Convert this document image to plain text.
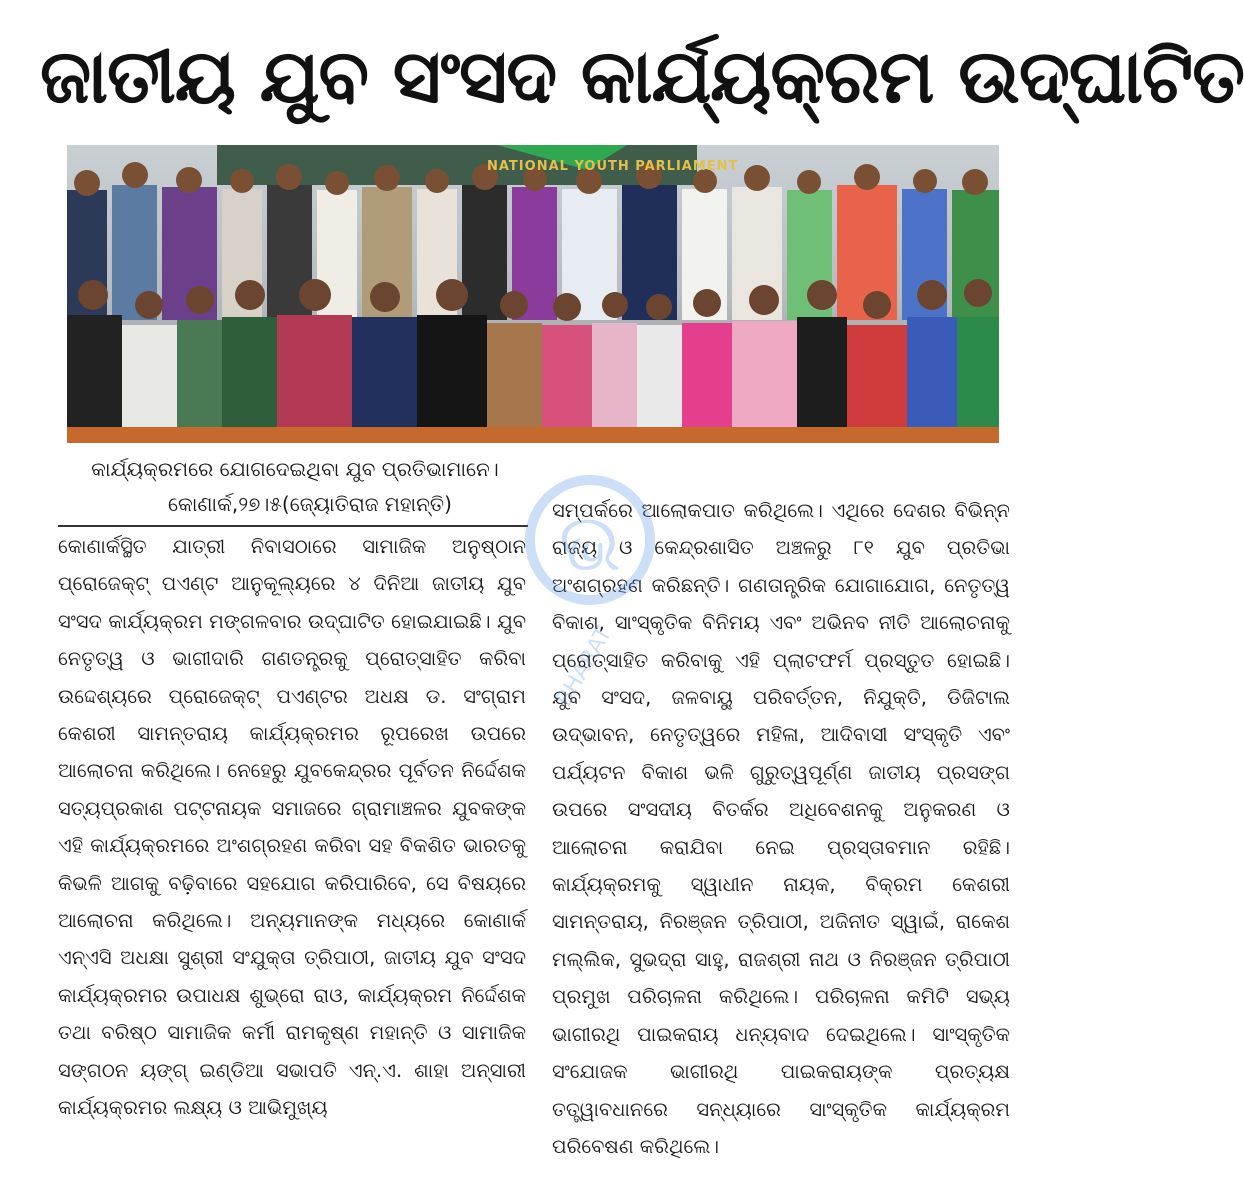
ଜାତୀୟ ଯୁବ ସଂସଦ କାର୍ଯ୍ୟକ୍ରମ ଉଦ୍‌ଘାଟିତ
NATIONAL YOUTH PARLIAMENT
କାର୍ଯ୍ୟକ୍ରମରେ ଯୋଗଦେଇଥିବା ଯୁବ ପ୍ରତିଭାମାନେ।
କୋଣାର୍କ,୨୭।୫(ଜ୍ୟୋତିରାଜ ମହାନ୍ତି)
କୋଣାର୍କସ୍ଥିତ ଯାତ୍ରୀ ନିବାସଠାରେ ସାମାଜିକ ଅନୁଷ୍ଠାନ ପ୍ରୋଜେକ୍ଟ୍ ପଏଣ୍ଟ ଆନୁକୂଲ୍ୟରେ ୪ ଦିନିଆ ଜାତୀୟ ଯୁବ ସଂସଦ କାର୍ଯ୍ୟକ୍ରମ ମଙ୍ଗଳବାର ଉଦ୍‌ଘାଟିତ ହୋଇଯାଇଛି। ଯୁବ ନେତୃତ୍ୱ ଓ ଭାଗୀଦାରି ଗଣତନ୍ତ୍ରକୁ ପ୍ରୋତ୍ସାହିତ କରିବା ଉଦ୍ଦେଶ୍ୟରେ ପ୍ରୋଜେକ୍ଟ୍ ପଏଣ୍ଟର ଅଧକ୍ଷ ଡ. ସଂଗ୍ରାମ କେଶରୀ ସାମନ୍ତରାୟ କାର୍ଯ୍ୟକ୍ରମର ରୂପରେଖ ଉପରେ ଆଲୋଚନା କରିଥିଲେ। ନେହେରୁ ଯୁବକେନ୍ଦ୍ରର ପୂର୍ବତନ ନିର୍ଦ୍ଦେଶକ ସତ୍ୟପ୍ରକାଶ ପଟ୍ଟନାୟକ ସମାଜରେ ଗ୍ରାମାଞ୍ଚଳର ଯୁବକଙ୍କ ଏହି କାର୍ଯ୍ୟକ୍ରମରେ ଅଂଶଗ୍ରହଣ କରିବା ସହ ବିକଶିତ ଭାରତକୁ କିଭଳି ଆଗକୁ ବଢ଼ିବାରେ ସହଯୋଗ କରିପାରିବେ, ସେ ବିଷୟରେ ଆଲୋଚନା କରିଥିଲେ। ଅନ୍ୟମାନଙ୍କ ମଧ୍ୟରେ କୋଣାର୍କ ଏନ୍‌ଏସି ଅଧକ୍ଷା ସୁଶ୍ରୀ ସଂଯୁକ୍ତା ତ୍ରିପାଠୀ, ଜାତୀୟ ଯୁବ ସଂସଦ କାର୍ଯ୍ୟକ୍ରମର ଉପାଧକ୍ଷ ଶୁଭ୍ରୋ ରାଓ, କାର୍ଯ୍ୟକ୍ରମ ନିର୍ଦ୍ଦେଶକ ତଥା ବରିଷ୍ଠ ସାମାଜିକ କର୍ମୀ ରାମକୃଷ୍ଣ ମହାନ୍ତି ଓ ସାମାଜିକ ସଙ୍ଗଠନ ୟଙ୍ଗ୍ ଇଣ୍ଡିଆ ସଭାପତି ଏନ୍.ଏ. ଶାହା ଅନ୍ସାରୀ କାର୍ଯ୍ୟକ୍ରମର ଲକ୍ଷ୍ୟ ଓ ଆଭିମୁଖ୍ୟ
ସମ୍ପର୍କରେ ଆଲୋକପାତ କରିଥିଲେ। ଏଥିରେ ଦେଶର ବିଭିନ୍ନ ରାଜ୍ୟ ଓ କେନ୍ଦ୍ରଶାସିତ ଅଞ୍ଚଳରୁ ୮୧ ଯୁବ ପ୍ରତିଭା ଅଂଶଗ୍ରହଣ କରିଛନ୍ତି। ଗଣତାନ୍ତ୍ରିକ ଯୋଗାଯୋଗ, ନେତୃତ୍ୱ ବିକାଶ, ସାଂସ୍କୃତିକ ବିନିମୟ ଏବଂ ଅଭିନବ ନୀତି ଆଲୋଚନାକୁ ପ୍ରୋତ୍ସାହିତ କରିବାକୁ ଏହି ପ୍ଲାଟଫର୍ମ ପ୍ରସ୍ତୁତ ହୋଇଛି। ଯୁବ ସଂସଦ, ଜଳବାୟୁ ପରିବର୍ତ୍ତନ, ନିଯୁକ୍ତି, ଡିଜିଟାଲ ଉଦ୍ଭାବନ, ନେତୃତ୍ୱରେ ମହିଳା, ଆଦିବାସୀ ସଂସ୍କୃତି ଏବଂ ପର୍ଯ୍ୟଟନ ବିକାଶ ଭଳି ଗୁରୁତ୍ୱପୂର୍ଣ୍ଣ ଜାତୀୟ ପ୍ରସଙ୍ଗ ଉପରେ ସଂସଦୀୟ ବିତର୍କର ଅଧିବେଶନକୁ ଅନୁକରଣ ଓ ଆଲୋଚନା କରାଯିବା ନେଇ ପ୍ରସ୍ତାବମାନ ରହିଛି। କାର୍ଯ୍ୟକ୍ରମକୁ ସ୍ୱାଧୀନ ନାୟକ, ବିକ୍ରମ କେଶରୀ ସାମନ୍ତରାୟ, ନିରଞ୍ଜନ ତ୍ରିପାଠୀ, ଅଜିନୀତ ସ୍ୱାଇଁ, ରାକେଶ ମଲ୍ଲିକ, ସୁଭଦ୍ରା ସାହୁ, ରାଜଶ୍ରୀ ନାଥ ଓ ନିରଞ୍ଜନ ତ୍ରିପାଠୀ ପ୍ରମୁଖ ପରିଚାଳନା କରିଥିଲେ। ପରିଚାଳନା କମିଟି ସଭ୍ୟ ଭାଗୀରଥି ପାଇକରାୟ ଧନ୍ୟବାଦ ଦେଇଥିଲେ। ସାଂସ୍କୃତିକ ସଂଯୋଜକ ଭାଗୀରଥି ପାଇକରାୟଙ୍କ ପ୍ରତ୍ୟକ୍ଷ ତତ୍ତ୍ୱାବଧାନରେ ସନ୍ଧ୍ୟାରେ ସାଂସ୍କୃତିକ କାର୍ଯ୍ୟକ୍ରମ ପରିବେଷଣ କରିଥିଲେ।
ଭ
BHARAT
